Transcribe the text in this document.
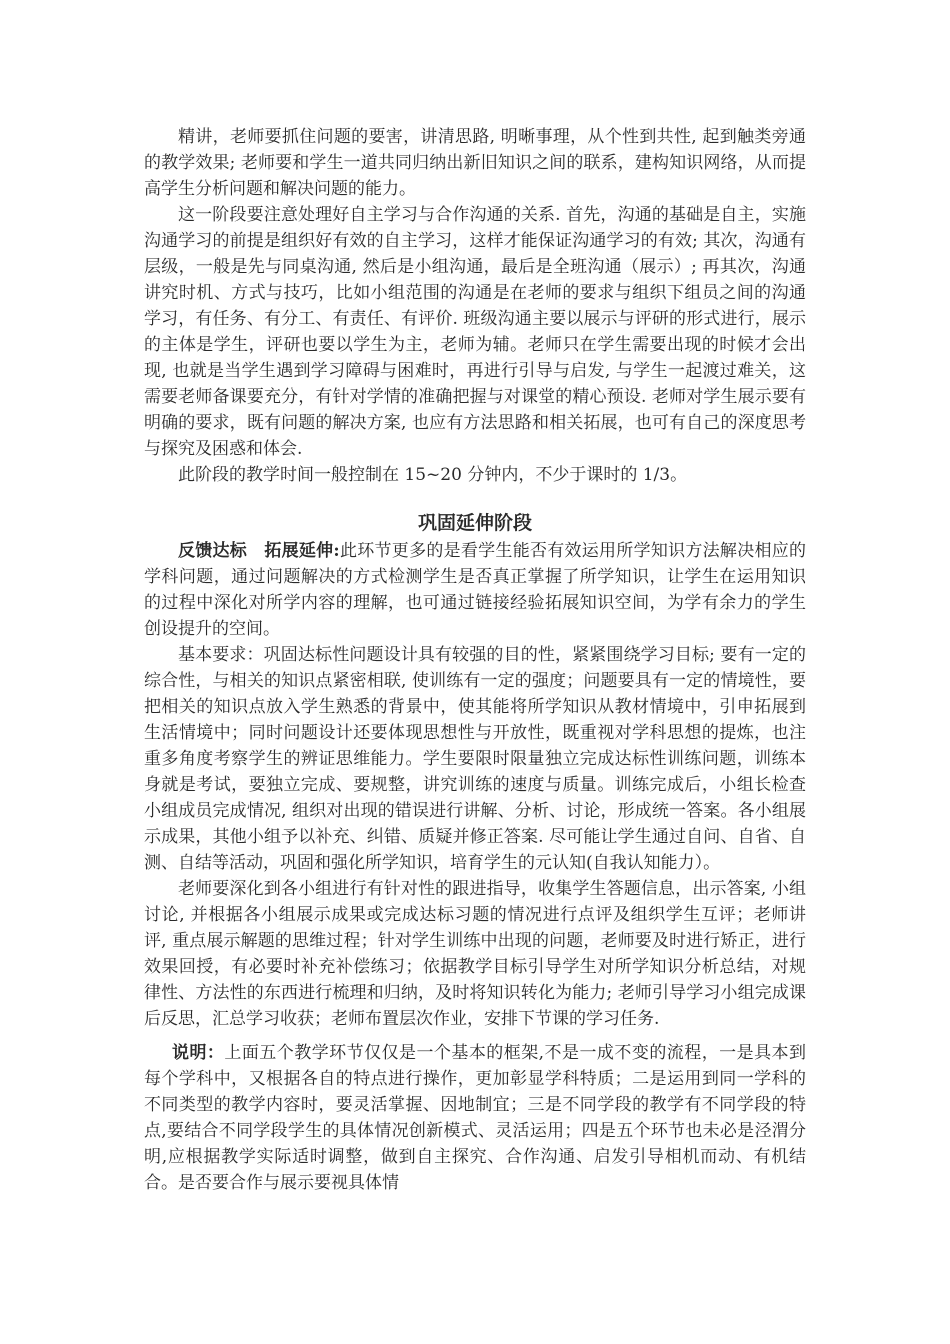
精讲，老师要抓住问题的要害，讲清思路, 明晰事理，从个性到共性, 起到触类旁通的教学效果; 老师要和学生一道共同归纳出新旧知识之间的联系，建构知识网络，从而提高学生分析问题和解决问题的能力。

这一阶段要注意处理好自主学习与合作沟通的关系. 首先，沟通的基础是自主，实施沟通学习的前提是组织好有效的自主学习，这样才能保证沟通学习的有效; 其次，沟通有层级，一般是先与同桌沟通, 然后是小组沟通，最后是全班沟通（展示）; 再其次，沟通讲究时机、方式与技巧，比如小组范围的沟通是在老师的要求与组织下组员之间的沟通学习，有任务、有分工、有责任、有评价. 班级沟通主要以展示与评研的形式进行，展示的主体是学生，评研也要以学生为主，老师为辅。老师只在学生需要出现的时候才会出现, 也就是当学生遇到学习障碍与困难时，再进行引导与启发, 与学生一起渡过难关，这需要老师备课要充分，有针对学情的准确把握与对课堂的精心预设. 老师对学生展示要有明确的要求，既有问题的解决方案, 也应有方法思路和相关拓展，也可有自己的深度思考与探究及困惑和体会.

此阶段的教学时间一般控制在 15~20 分钟内，不少于课时的 1/3。

巩固延伸阶段

反馈达标　拓展延伸:此环节更多的是看学生能否有效运用所学知识方法解决相应的学科问题，通过问题解决的方式检测学生是否真正掌握了所学知识，让学生在运用知识的过程中深化对所学内容的理解，也可通过链接经验拓展知识空间，为学有余力的学生创设提升的空间。

基本要求：巩固达标性问题设计具有较强的目的性，紧紧围绕学习目标; 要有一定的综合性，与相关的知识点紧密相联, 使训练有一定的强度；问题要具有一定的情境性，要把相关的知识点放入学生熟悉的背景中，使其能将所学知识从教材情境中，引申拓展到生活情境中；同时问题设计还要体现思想性与开放性，既重视对学科思想的提炼，也注重多角度考察学生的辨证思维能力。学生要限时限量独立完成达标性训练问题，训练本身就是考试，要独立完成、要规整，讲究训练的速度与质量。训练完成后，小组长检查小组成员完成情况, 组织对出现的错误进行讲解、分析、讨论，形成统一答案。各小组展示成果，其他小组予以补充、纠错、质疑并修正答案. 尽可能让学生通过自问、自省、自测、自结等活动，巩固和强化所学知识，培育学生的元认知(自我认知能力）。

老师要深化到各小组进行有针对性的跟进指导，收集学生答题信息，出示答案, 小组讨论, 并根据各小组展示成果或完成达标习题的情况进行点评及组织学生互评；老师讲评, 重点展示解题的思维过程；针对学生训练中出现的问题，老师要及时进行矫正，进行效果回授，有必要时补充补偿练习；依据教学目标引导学生对所学知识分析总结，对规律性、方法性的东西进行梳理和归纳，及时将知识转化为能力; 老师引导学习小组完成课后反思，汇总学习收获；老师布置层次作业，安排下节课的学习任务.

说明：上面五个教学环节仅仅是一个基本的框架,不是一成不变的流程，一是具本到每个学科中，又根据各自的特点进行操作，更加彰显学科特质；二是运用到同一学科的不同类型的教学内容时，要灵活掌握、因地制宜；三是不同学段的教学有不同学段的特点,要结合不同学段学生的具体情况创新模式、灵活运用；四是五个环节也未必是泾渭分明,应根据教学实际适时调整，做到自主探究、合作沟通、启发引导相机而动、有机结合。是否要合作与展示要视具体情
